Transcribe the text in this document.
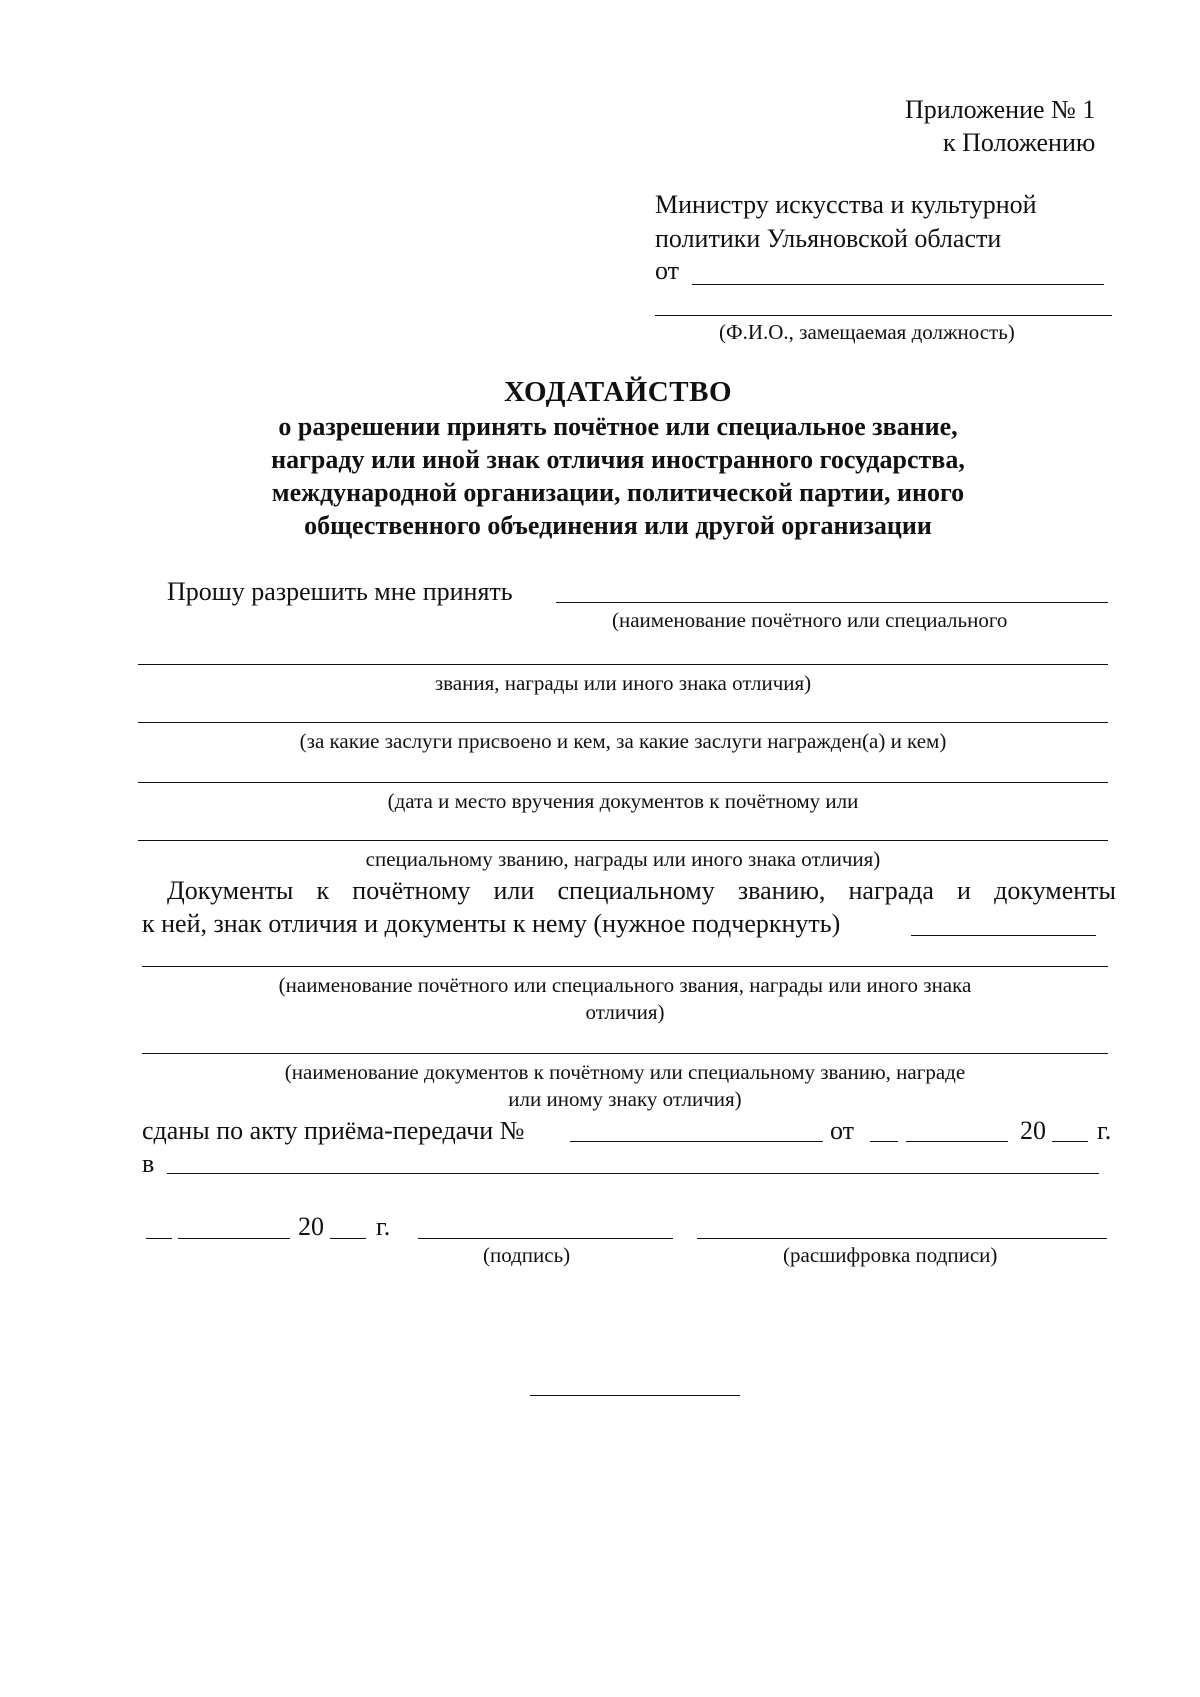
Приложение № 1
к Положению
Министру искусства и культурной
политики Ульяновской области
от
(Ф.И.О., замещаемая должность)
ХОДАТАЙСТВО
о разрешении принять почётное или специальное звание,
награду или иной знак отличия иностранного государства,
международной организации, политической партии, иного
общественного объединения или другой организации
Прошу разрешить мне принять
(наименование почётного или специального
звания, награды или иного знака отличия)
(за какие заслуги присвоено и кем, за какие заслуги награжден(а) и кем)
(дата и место вручения документов к почётному или
специальному званию, награды или иного знака отличия)
Документы к почётному или специальному званию, награда и документы
к ней, знак отличия и документы к нему (нужное подчеркнуть)
(наименование почётного или специального звания, награды или иного знака
отличия)
(наименование документов к почётному или специальному званию, награде
или иному знаку отличия)
сданы по акту приёма-передачи №	от	20 г.
в
20 г.
(подпись)	(расшифровка подписи)
